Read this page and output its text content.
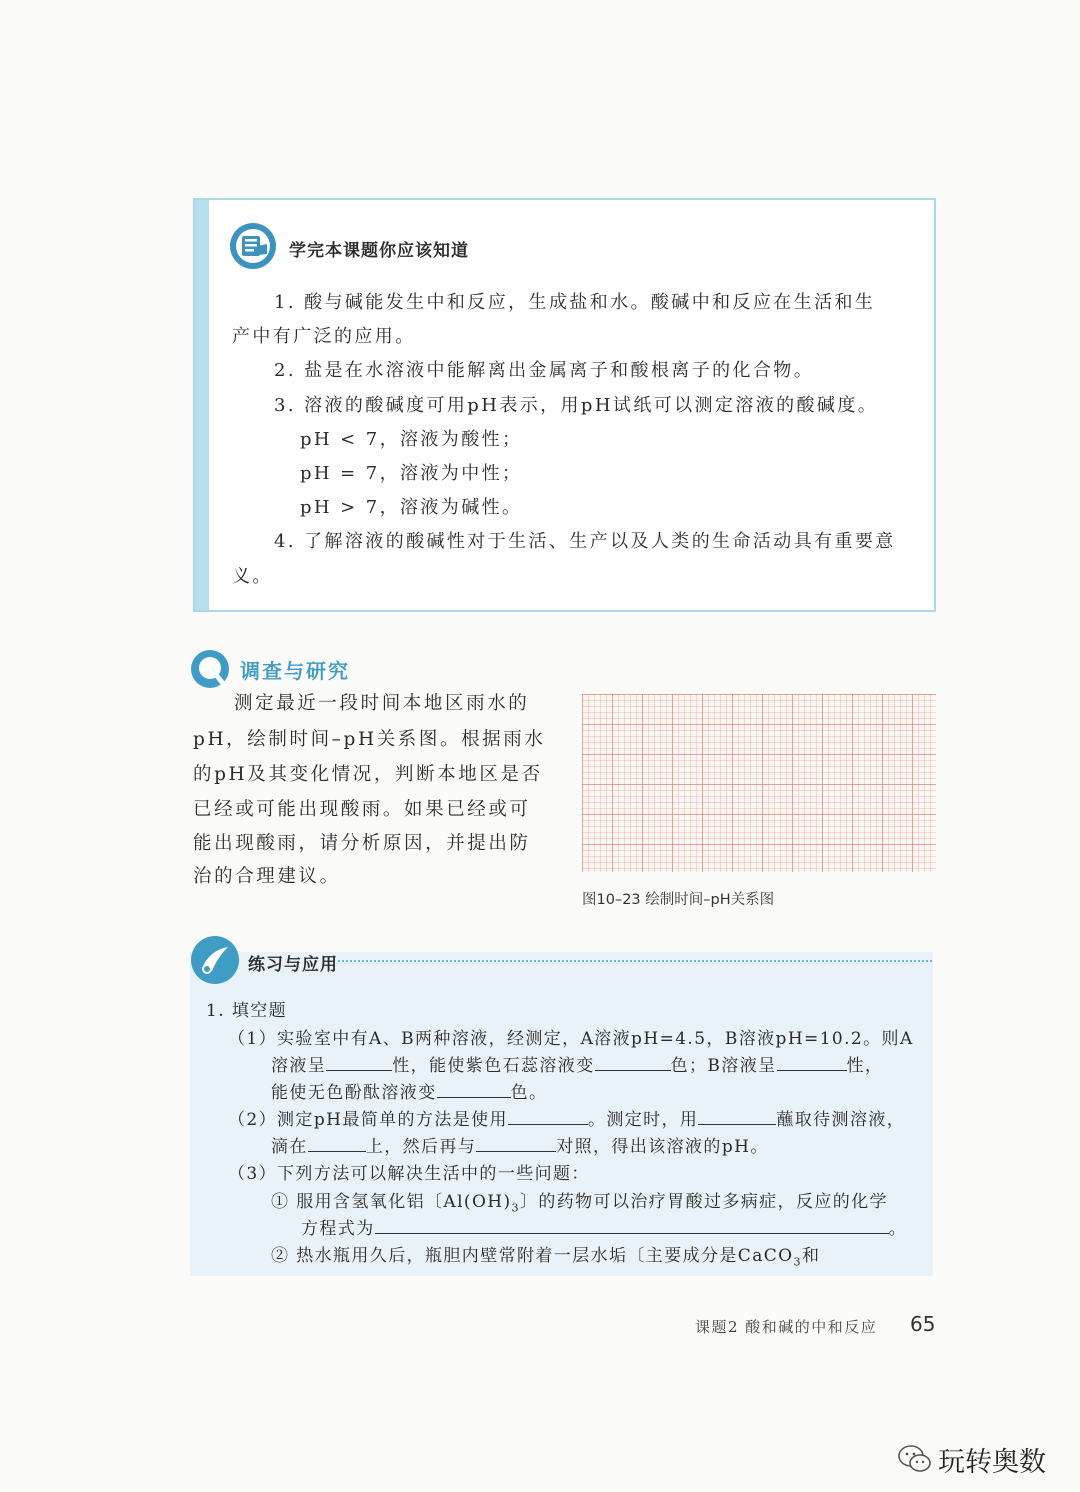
学完本课题你应该知道
1. 酸与碱能发生中和反应，生成盐和水。酸碱中和反应在生活和生
产中有广泛的应用。
2. 盐是在水溶液中能解离出金属离子和酸根离子的化合物。
3. 溶液的酸碱度可用pH表示，用pH试纸可以测定溶液的酸碱度。
pH < 7，溶液为酸性；
pH = 7，溶液为中性；
pH > 7，溶液为碱性。
4. 了解溶液的酸碱性对于生活、生产以及人类的生命活动具有重要意
义。
调查与研究
测定最近一段时间本地区雨水的
pH，绘制时间–pH关系图。根据雨水
的pH及其变化情况，判断本地区是否
已经或可能出现酸雨。如果已经或可
能出现酸雨，请分析原因，并提出防
治的合理建议。
图10–23 绘制时间–pH关系图
练习与应用
1. 填空题
（1）实验室中有A、B两种溶液，经测定，A溶液pH=4.5，B溶液pH=10.2。则A
溶液呈	性，能使紫色石蕊溶液变	色；B溶液呈	性，
能使无色酚酞溶液变	色。
（2）测定pH最简单的方法是使用	。测定时，用	蘸取待测溶液，
滴在	上，然后再与	对照，得出该溶液的pH。
（3）下列方法可以解决生活中的一些问题：
① 服用含氢氧化铝〔$Al(OH)_3$〕的药物可以治疗胃酸过多病症，反应的化学
方程式为	。
② 热水瓶用久后，瓶胆内壁常附着一层水垢〔主要成分是CaCO$_3$和
课题2 酸和碱的中和反应 65
玩转奥数
